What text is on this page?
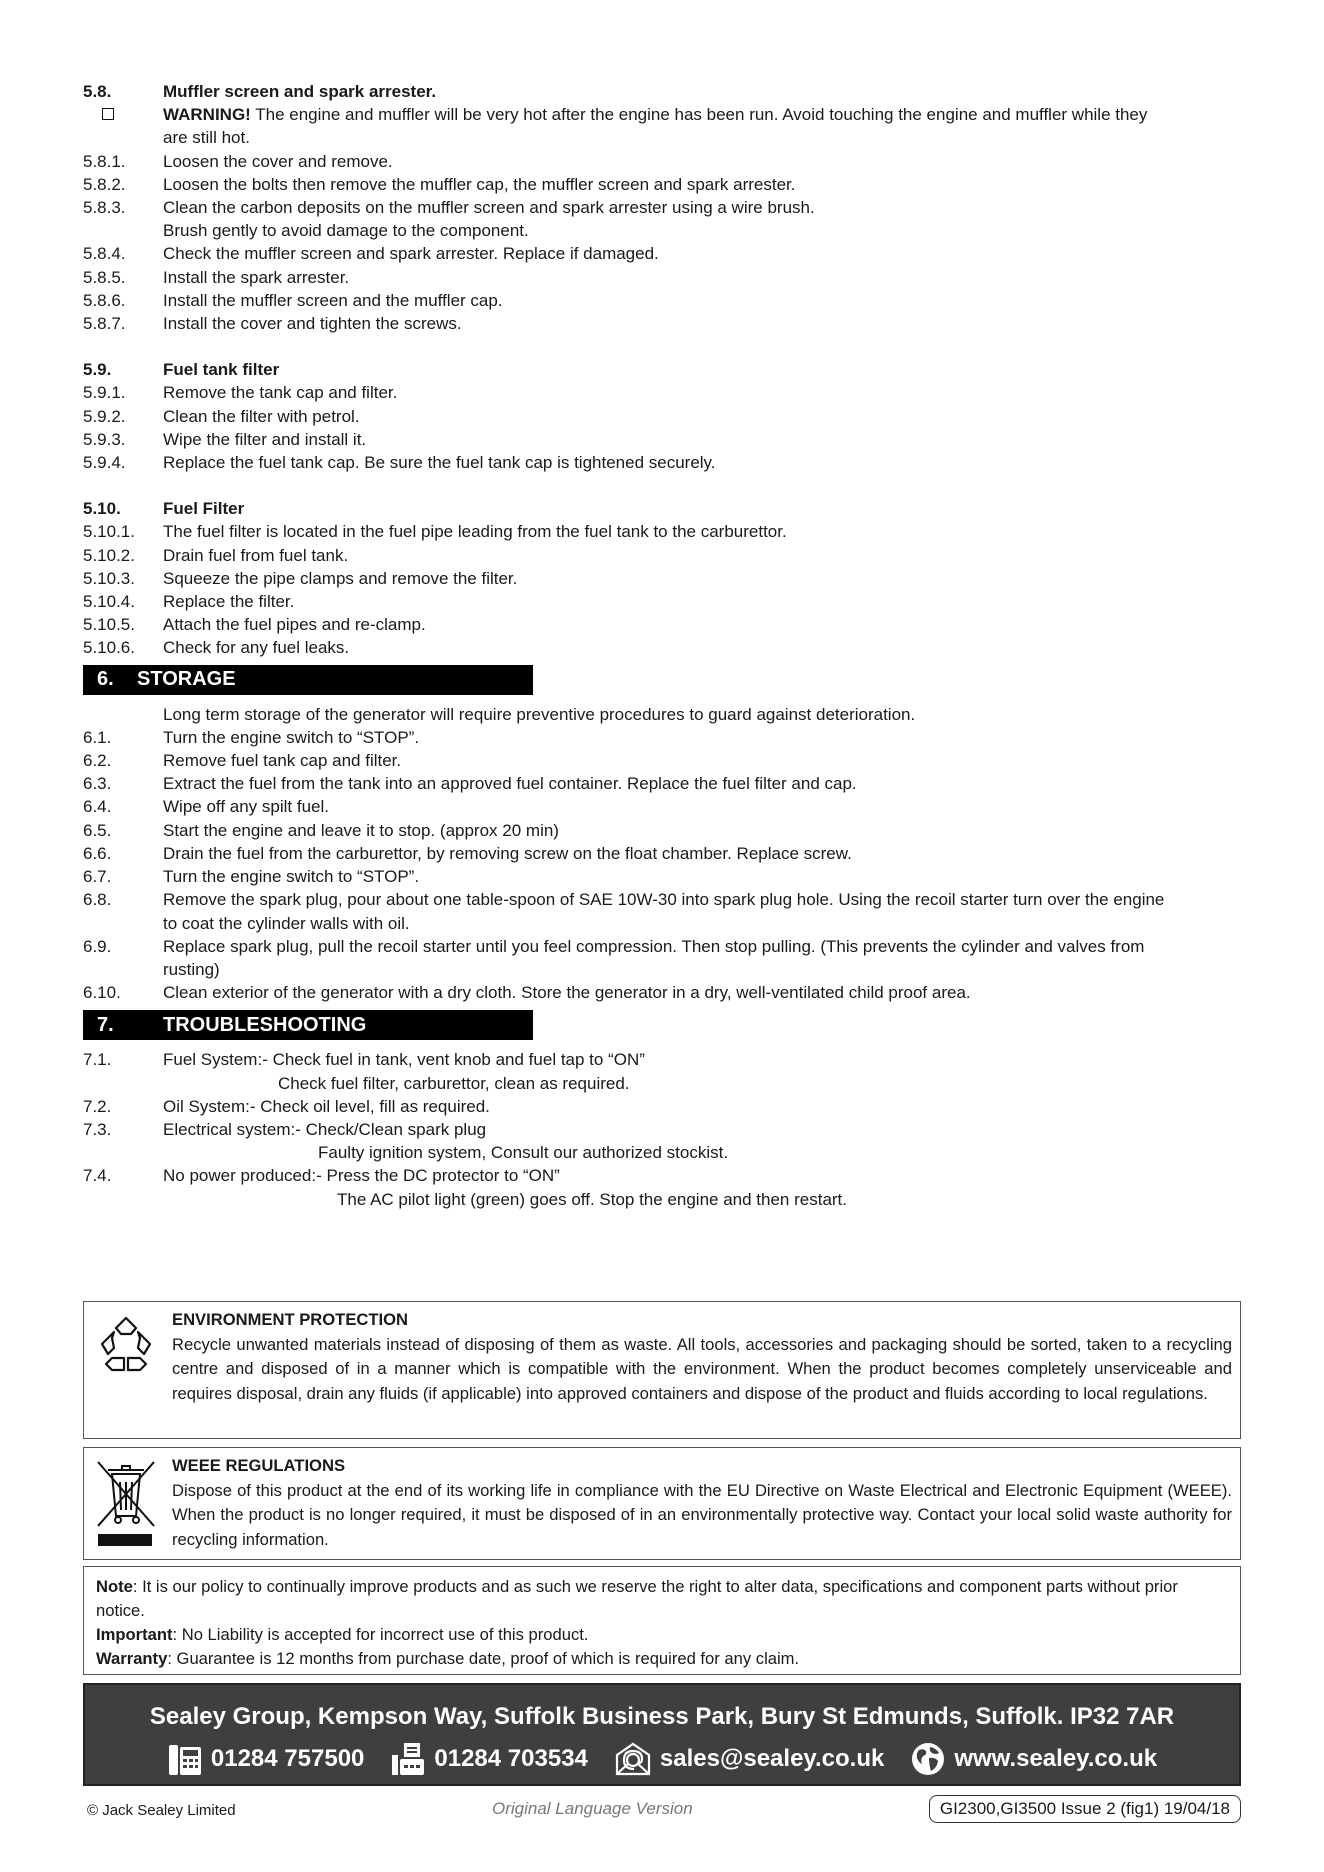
5.8.	Muffler screen and spark arrester.
WARNING! The engine and muffler will be very hot after the engine has been run. Avoid touching the engine and muffler while they
are still hot.
5.8.1.	Loosen the cover and remove.
5.8.2.	Loosen the bolts then remove the muffler cap, the muffler screen and spark arrester.
5.8.3.	Clean the carbon deposits on the muffler screen and spark arrester using a wire brush.
Brush gently to avoid damage to the component.
5.8.4.	Check the muffler screen and spark arrester. Replace if damaged.
5.8.5.	Install the spark arrester.
5.8.6.	Install the muffler screen and the muffler cap.
5.8.7.	Install the cover and tighten the screws.
5.9.	Fuel tank filter
5.9.1.	Remove the tank cap and filter.
5.9.2.	Clean the filter with petrol.
5.9.3.	Wipe the filter and install it.
5.9.4.	Replace the fuel tank cap. Be sure the fuel tank cap is tightened securely.
5.10.	Fuel Filter
5.10.1.	The fuel filter is located in the fuel pipe leading from the fuel tank to the carburettor.
5.10.2.	Drain fuel from fuel tank.
5.10.3.	Squeeze the pipe clamps and remove the filter.
5.10.4.	Replace the filter.
5.10.5.	Attach the fuel pipes and re-clamp.
5.10.6.	Check for any fuel leaks.
6.	STORAGE
Long term storage of the generator will require preventive procedures to guard against deterioration.
6.1.	Turn the engine switch to “STOP”.
6.2.	Remove fuel tank cap and filter.
6.3.	Extract the fuel from the tank into an approved fuel container. Replace the fuel filter and cap.
6.4.	Wipe off any spilt fuel.
6.5.	Start the engine and leave it to stop. (approx 20 min)
6.6.	Drain the fuel from the carburettor, by removing screw on the float chamber. Replace screw.
6.7.	Turn the engine switch to “STOP”.
6.8.	Remove the spark plug, pour about one table-spoon of SAE 10W-30 into spark plug hole. Using the recoil starter turn over the engine
to coat the cylinder walls with oil.
6.9.	Replace spark plug, pull the recoil starter until you feel compression. Then stop pulling. (This prevents the cylinder and valves from
rusting)
6.10.	Clean exterior of the generator with a dry cloth. Store the generator in a dry, well-ventilated child proof area.
7.	TROUBLESHOOTING
7.1.	Fuel System:- Check fuel in tank, vent knob and fuel tap to “ON”
Check fuel filter, carburettor, clean as required.
7.2.	Oil System:- Check oil level, fill as required.
7.3.	Electrical system:- Check/Clean spark plug
Faulty ignition system, Consult our authorized stockist.
7.4.	No power produced:- Press the DC protector to “ON”
The AC pilot light (green) goes off. Stop the engine and then restart.
ENVIRONMENT PROTECTION
Recycle unwanted materials instead of disposing of them as waste. All tools, accessories and packaging should be sorted, taken to a recycling centre and disposed of in a manner which is compatible with the environment. When the product becomes completely unserviceable and requires disposal, drain any fluids (if applicable) into approved containers and dispose of the product and fluids according to local regulations.
WEEE REGULATIONS
Dispose of this product at the end of its working life in compliance with the EU Directive on Waste Electrical and Electronic Equipment (WEEE). When the product is no longer required, it must be disposed of in an environmentally protective way. Contact your local solid waste authority for recycling information.
Note: It is our policy to continually improve products and as such we reserve the right to alter data, specifications and component parts without prior notice.
Important: No Liability is accepted for incorrect use of this product.
Warranty: Guarantee is 12 months from purchase date, proof of which is required for any claim.
Sealey Group, Kempson Way, Suffolk Business Park, Bury St Edmunds, Suffolk. IP32 7AR
01284 757500	01284 703534	sales@sealey.co.uk	www.sealey.co.uk
© Jack Sealey Limited	Original Language Version	GI2300,GI3500 Issue 2 (fig1) 19/04/18
